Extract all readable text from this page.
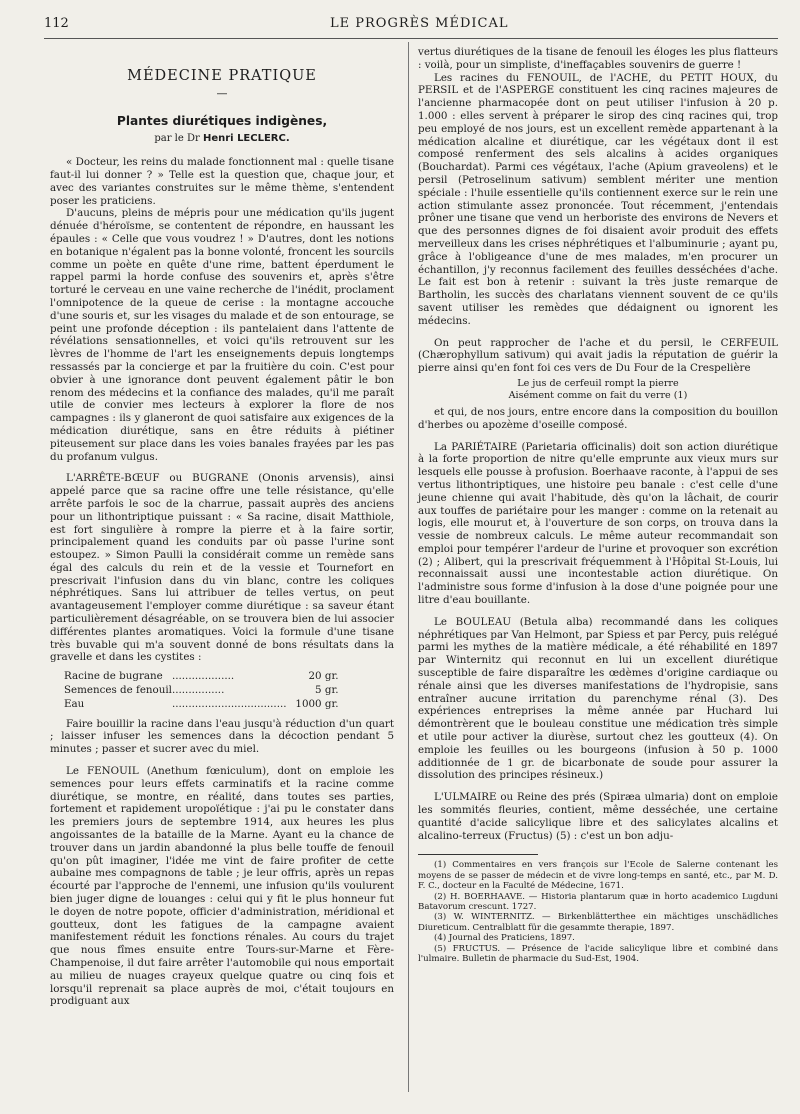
112	LE PROGRÈS MÉDICAL
MÉDECINE PRATIQUE
—
Plantes diurétiques indigènes,
par le Dr Henri LECLERC.

« Docteur, les reins du malade fonctionnent mal : quelle tisane faut-il lui donner ? » Telle est la question que, chaque jour, et avec des variantes construites sur le même thème, s'entendent poser les praticiens.

D'aucuns, pleins de mépris pour une médication qu'ils jugent dénuée d'héroïsme, se contentent de répondre, en haussant les épaules : « Celle que vous voudrez ! » D'autres, dont les notions en botanique n'égalent pas la bonne volonté, froncent les sourcils comme un poète en quête d'une rime, battent éperdument le rappel parmi la horde confuse des souvenirs et, après s'être torturé le cerveau en une vaine recherche de l'inédit, proclament l'omnipotence de la queue de cerise : la montagne accouche d'une souris et, sur les visages du malade et de son entourage, se peint une profonde déception : ils pantelaient dans l'attente de révélations sensationnelles, et voici qu'ils retrouvent sur les lèvres de l'homme de l'art les enseignements depuis longtemps ressassés par la concierge et par la fruitière du coin. C'est pour obvier à une ignorance dont peuvent également pâtir le bon renom des médecins et la confiance des malades, qu'il me paraît utile de convier mes lecteurs à explorer la flore de nos campagnes : ils y glaneront de quoi satisfaire aux exigences de la médication diurétique, sans en être réduits à piétiner piteusement sur place dans les voies banales frayées par les pas du profanum vulgus.

L'ARRÊTE-BŒUF ou BUGRANE (Ononis arvensis), ainsi appelé parce que sa racine offre une telle résistance, qu'elle arrête parfois le soc de la charrue, passait auprès des anciens pour un lithontriptique puissant : « Sa racine, disait Matthiole, est fort singulière à rompre la pierre et à la faire sortir, principalement quand les conduits par où passe l'urine sont estoupez. » Simon Paulli la considérait comme un remède sans égal des calculs du rein et de la vessie et Tournefort en prescrivait l'infusion dans du vin blanc, contre les coliques néphrétiques. Sans lui attribuer de telles vertus, on peut avantageusement l'employer comme diurétique : sa saveur étant particulièrement désagréable, on se trouvera bien de lui associer différentes plantes aromatiques. Voici la formule d'une tisane très buvable qui m'a souvent donné de bons résultats dans la gravelle et dans les cystites :

Racine de bugrane	...................	20 gr.
Semences de fenouil	................	5 gr.
Eau	...................................	1000 gr.

Faire bouillir la racine dans l'eau jusqu'à réduction d'un quart ; laisser infuser les semences dans la décoction pendant 5 minutes ; passer et sucrer avec du miel.

Le FENOUIL (Anethum fœniculum), dont on emploie les semences pour leurs effets carminatifs et la racine comme diurétique, se montre, en réalité, dans toutes ses parties, fortement et rapidement uropoïétique : j'ai pu le constater dans les premiers jours de septembre 1914, aux heures les plus angoissantes de la bataille de la Marne. Ayant eu la chance de trouver dans un jardin abandonné la plus belle touffe de fenouil qu'on pût imaginer, l'idée me vint de faire profiter de cette aubaine mes compagnons de table ; je leur offris, après un repas écourté par l'approche de l'ennemi, une infusion qu'ils voulurent bien juger digne de louanges : celui qui y fit le plus honneur fut le doyen de notre popote, officier d'administration, méridional et goutteux, dont les fatigues de la campagne avaient manifestement réduit les fonctions rénales. Au cours du trajet que nous fîmes ensuite entre Tours-sur-Marne et Fère-Champenoise, il dut faire arrêter l'automobile qui nous emportait au milieu de nuages crayeux quelque quatre ou cinq fois et lorsqu'il reprenait sa place auprès de moi, c'était toujours en prodiguant aux

vertus diurétiques de la tisane de fenouil les éloges les plus flatteurs : voilà, pour un simpliste, d'ineffaçables souvenirs de guerre !

Les racines du FENOUIL, de l'ACHE, du PETIT HOUX, du PERSIL et de l'ASPERGE constituent les cinq racines majeures de l'ancienne pharmacopée dont on peut utiliser l'infusion à 20 p. 1.000 : elles servent à préparer le sirop des cinq racines qui, trop peu employé de nos jours, est un excellent remède appartenant à la médication alcaline et diurétique, car les végétaux dont il est composé renferment des sels alcalins à acides organiques (Bouchardat). Parmi ces végétaux, l'ache (Apium graveolens) et le persil (Petroselinum sativum) semblent mériter une mention spéciale : l'huile essentielle qu'ils contiennent exerce sur le rein une action stimulante assez prononcée. Tout récemment, j'entendais prôner une tisane que vend un herboriste des environs de Nevers et que des personnes dignes de foi disaient avoir produit des effets merveilleux dans les crises néphrétiques et l'albuminurie ; ayant pu, grâce à l'obligeance d'une de mes malades, m'en procurer un échantillon, j'y reconnus facilement des feuilles desséchées d'ache. Le fait est bon à retenir : suivant la très juste remarque de Bartholin, les succès des charlatans viennent souvent de ce qu'ils savent utiliser les remèdes que dédaignent ou ignorent les médecins.

On peut rapprocher de l'ache et du persil, le CERFEUIL (Chærophyllum sativum) qui avait jadis la réputation de guérir la pierre ainsi qu'en font foi ces vers de Du Four de la Crespelière

Le jus de cerfeuil rompt la pierre
Aisément comme on fait du verre (1)

et qui, de nos jours, entre encore dans la composition du bouillon d'herbes ou apozème d'oseille composé.

La PARIÉTAIRE (Parietaria officinalis) doit son action diurétique à la forte proportion de nitre qu'elle emprunte aux vieux murs sur lesquels elle pousse à profusion. Boerhaave raconte, à l'appui de ses vertus lithontriptiques, une histoire peu banale : c'est celle d'une jeune chienne qui avait l'habitude, dès qu'on la lâchait, de courir aux touffes de pariétaire pour les manger : comme on la retenait au logis, elle mourut et, à l'ouverture de son corps, on trouva dans la vessie de nombreux calculs. Le même auteur recommandait son emploi pour tempérer l'ardeur de l'urine et provoquer son excrétion (2) ; Alibert, qui la prescrivait fréquemment à l'Hôpital St-Louis, lui reconnaissait aussi une incontestable action diurétique. On l'administre sous forme d'infusion à la dose d'une poignée pour une litre d'eau bouillante.

Le BOULEAU (Betula alba) recommandé dans les coliques néphrétiques par Van Helmont, par Spiess et par Percy, puis relégué parmi les mythes de la matière médicale, a été réhabilité en 1897 par Winternitz qui reconnut en lui un excellent diurétique susceptible de faire disparaître les œdèmes d'origine cardiaque ou rénale ainsi que les diverses manifestations de l'hydropisie, sans entraîner aucune irritation du parenchyme rénal (3). Des expériences entreprises la même année par Huchard lui démontrèrent que le bouleau constitue une médication très simple et utile pour activer la diurèse, surtout chez les goutteux (4). On emploie les feuilles ou les bourgeons (infusion à 50 p. 1000 additionnée de 1 gr. de bicarbonate de soude pour assurer la dissolution des principes résineux.)

L'ULMAIRE ou Reine des prés (Spiræa ulmaria) dont on emploie les sommités fleuries, contient, même desséchée, une certaine quantité d'acide salicylique libre et des salicylates alcalins et alcalino-terreux (Fructus) (5) : c'est un bon adju-

(1) Commentaires en vers françois sur l'Ecole de Salerne contenant les moyens de se passer de médecin et de vivre long-temps en santé, etc., par M. D. F. C., docteur en la Faculté de Médecine, 1671.

(2) H. BOERHAAVE. — Historia plantarum quæ in horto academico Lugduni Batavorum crescunt. 1727.

(3) W. WINTERNITZ. — Birkenblätterthee ein mächtiges unschädliches Diureticum. Centralblatt für die gesammte therapie, 1897.

(4) Journal des Praticiens, 1897.

(5) FRUCTUS. — Présence de l'acide salicylique libre et combiné dans l'ulmaire. Bulletin de pharmacie du Sud-Est, 1904.
